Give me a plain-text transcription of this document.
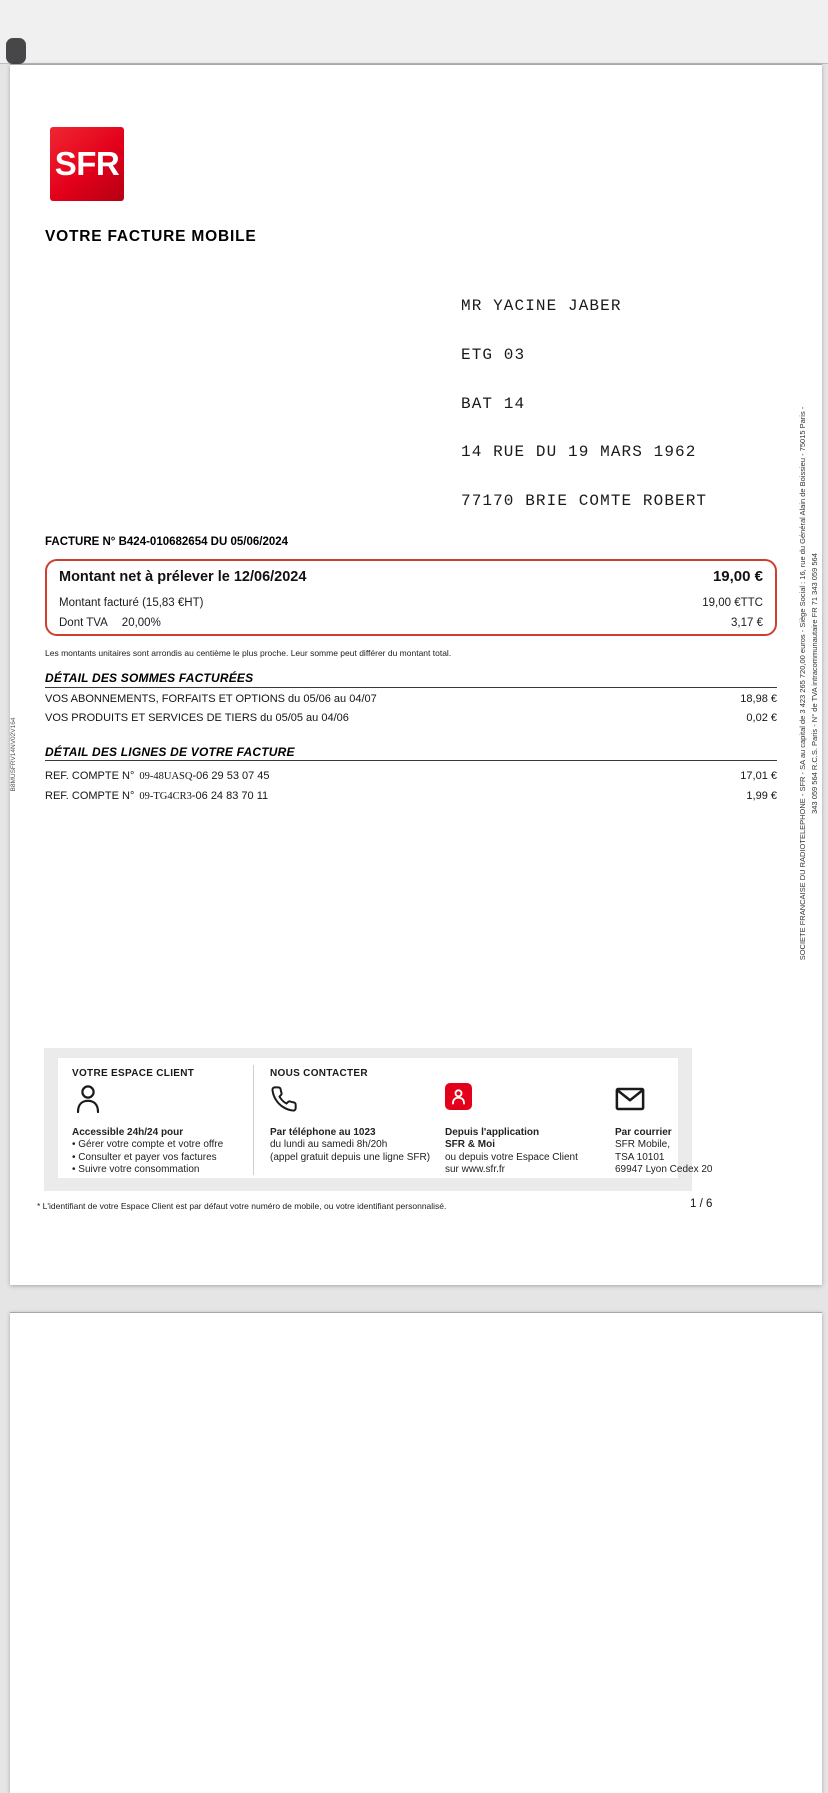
SFR
VOTRE FACTURE MOBILE

MR YACINE JABER

ETG 03

BAT 14

14 RUE DU 19 MARS 1962

77170 BRIE COMTE ROBERT

FACTURE N° B424-010682654 DU 05/06/2024
Montant net à prélever le 12/06/2024	19,00 €
Montant facturé (15,83 €HT)	19,00 €TTC
Dont TVA 20,00%	3,17 €
Les montants unitaires sont arrondis au centième le plus proche. Leur somme peut différer du montant total.
DÉTAIL DES SOMMES FACTURÉES
VOS ABONNEMENTS, FORFAITS ET OPTIONS du 05/06 au 04/07	18,98 €
VOS PRODUITS ET SERVICES DE TIERS du 05/05 au 04/06	0,02 €
DÉTAIL DES LIGNES DE VOTRE FACTURE
REF. COMPTE N° 09-48UASQ-06 29 53 07 45	17,01 €
REF. COMPTE N° 09-TG4CR3-06 24 83 70 11	1,99 €
B8MUSFRV14NV02V164	SOCIETE FRANCAISE DU RADIOTELEPHONE - SFR - SA au capital de 3 423 265 720,00 euros - Siège Social : 16, rue du Général Alain de Boissieu - 75015 Paris - 343 059 564 R.C.S. Paris - N° de TVA intracommunautaire FR 71 343 059 564
VOTRE ESPACE CLIENT	NOUS CONTACTER
Accessible 24h/24 pour
• Gérer votre compte et votre offre
• Consulter et payer vos factures
• Suivre votre consommation
Par téléphone au 1023
du lundi au samedi 8h/20h
(appel gratuit depuis une ligne SFR)
Depuis l'application
SFR & Moi
ou depuis votre Espace Client
sur www.sfr.fr
Par courrier
SFR Mobile,
TSA 10101
69947 Lyon Cedex 20
* L'identifiant de votre Espace Client est par défaut votre numéro de mobile, ou votre identifiant personnalisé.	1 / 6
